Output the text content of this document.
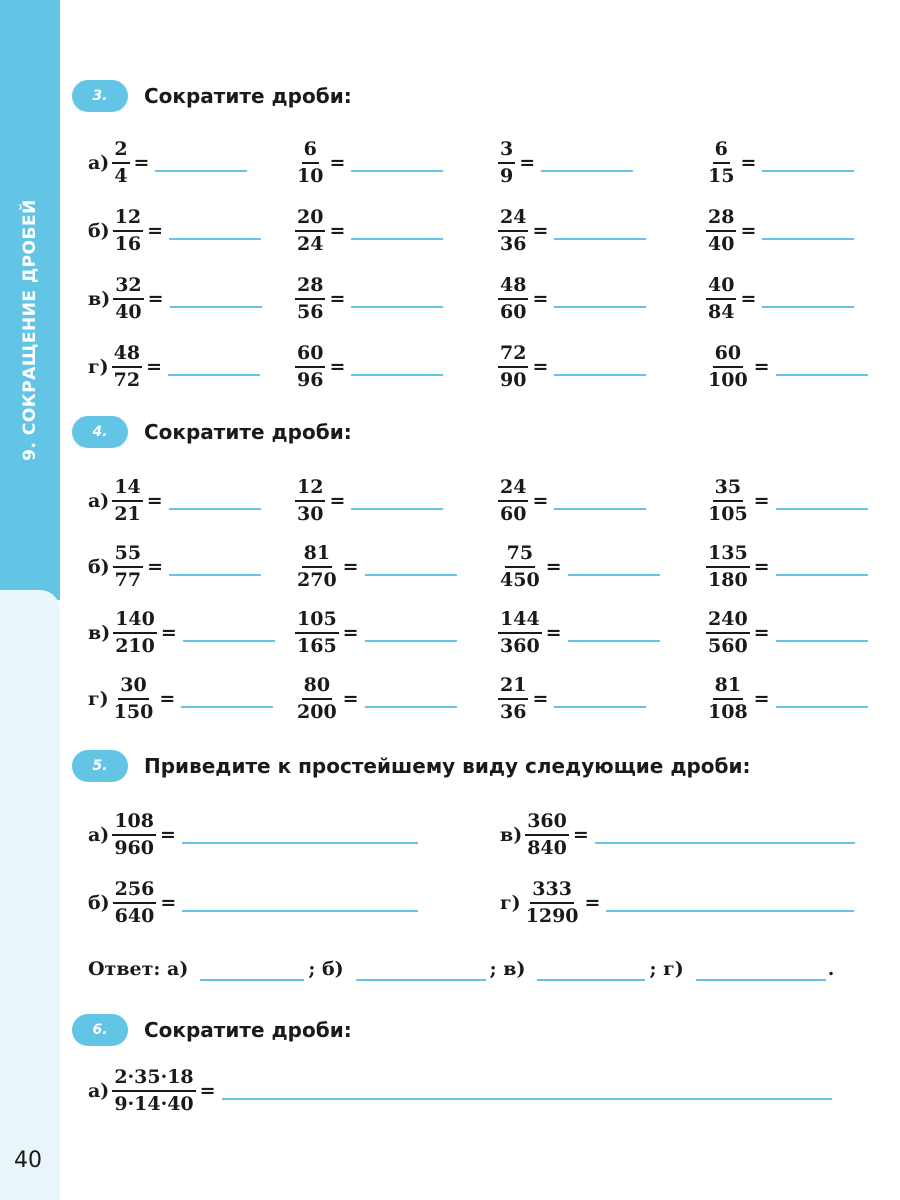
9. СОКРАЩЕНИЕ ДРОБЕЙ
40
3.	Сократите дроби:
$а) \frac{2}{4}$ =	$\frac{6}{10}$ =	$\frac{3}{9}$ =	$\frac{6}{15}$ =
$б) \frac{12}{16}$ =	$\frac{20}{24}$ =	$\frac{24}{36}$ =	$\frac{28}{40}$ =
$в) \frac{32}{40}$ =	$\frac{28}{56}$ =	$\frac{48}{60}$ =	$\frac{40}{84}$ =
$г) \frac{48}{72}$ =	$\frac{60}{96}$ =	$\frac{72}{90}$ =	$\frac{60}{100}$ =
4.	Сократите дроби:
$а) \frac{14}{21}$ =	$\frac{12}{30}$ =	$\frac{24}{60}$ =	$\frac{35}{105}$ =
$б) \frac{55}{77}$ =	$\frac{81}{270}$ =	$\frac{75}{450}$ =	$\frac{135}{180}$ =
$в) \frac{140}{210}$ =	$\frac{105}{165}$ =	$\frac{144}{360}$ =	$\frac{240}{560}$ =
$г) \frac{30}{150}$ =	$\frac{80}{200}$ =	$\frac{21}{36}$ =	$\frac{81}{108}$ =
5.	Приведите к простейшему виду следующие дроби:
$а) \frac{108}{960}$ =	$в) \frac{360}{840}$ =
$б) \frac{256}{640}$ =	$г) \frac{333}{1290}$ =
Ответ: а)	; б)	; в)	; г)	.
6.	Сократите дроби:
$а) \frac{2\cdot 35\cdot 18}{9\cdot 14\cdot 40}$ =
